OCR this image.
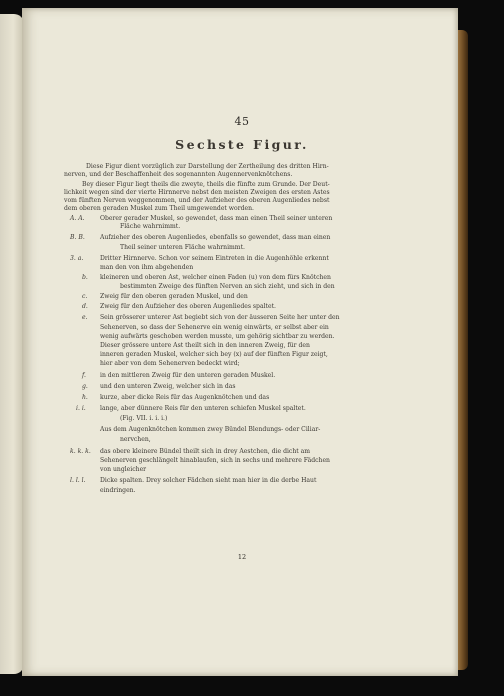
45
Sechste Figur.
Diese Figur dient vorzüglich zur Darstellung der Zertheilung des dritten Hirn-
nerven, und der Beschaffenheit des sogenannten Augennervenknötchens.
Bey dieser Figur liegt theils die zweyte, theils die fünfte zum Grunde. Der Deut-
lichkeit wegen sind der vierte Hirnnerve nebst den meisten Zweigen des ersten Astes
vom fünften Nerven weggenommen, und der Aufzieher des oberen Augenliedes nebst
dem oberen geraden Muskel zum Theil umgewendet worden.
A. A.	Oberer gerader Muskel, so gewendet, dass man einen Theil seiner unteren
Fläche wahrnimmt.
B. B. Aufzieher des oberen Augenliedes, ebenfalls so gewendet, dass man einen
Theil seiner unteren Fläche wahrnimmt.
3. a.	Dritter Hirnnerve. Schon vor seinem Eintreten in die Augenhöhle erkennt
man den von ihm abgehenden
b. kleineren und oberen Ast, welcher einen Faden (u) von dem fürs Knötchen
bestimmten Zweige des fünften Nerven an sich zieht, und sich in den
c. Zweig für den oberen geraden Muskel, und den
d. Zweig für den Aufzieher des oberen Augenliedes spaltet.
e. Sein grösserer unterer Ast begiebt sich von der äusseren Seite her unter den
Sehenerven, so dass der Sehenerve ein wenig einwärts, er selbst aber ein
wenig aufwärts geschoben werden musste, um gehörig sichtbar zu werden.
Dieser grössere untere Ast theilt sich in den inneren Zweig, für den
inneren geraden Muskel, welcher sich bey (x) auf der fünften Figur zeigt,
hier aber von dem Sehenerven bedeckt wird;
f. in den mittleren Zweig für den unteren geraden Muskel.
g. und den unteren Zweig, welcher sich in das
h. kurze, aber dicke Reis für das Augenknötchen und das
i. i. lange, aber dünnere Reis für den unteren schiefen Muskel spaltet.
(Fig. VII. i. i. i.)
Aus dem Augenknötchen kommen zwey Bündel Blendungs- oder Ciliar-
nervchen,
k. k. k. das obere kleinere Bündel theilt sich in drey Aestchen, die dicht am
Sehenerven geschlängelt hinablaufen, sich in sechs und mehrere Fädchen
von ungleicher
l. l. l. Dicke spalten. Drey solcher Fädchen sieht man hier in die derbe Haut
eindringen.
12
